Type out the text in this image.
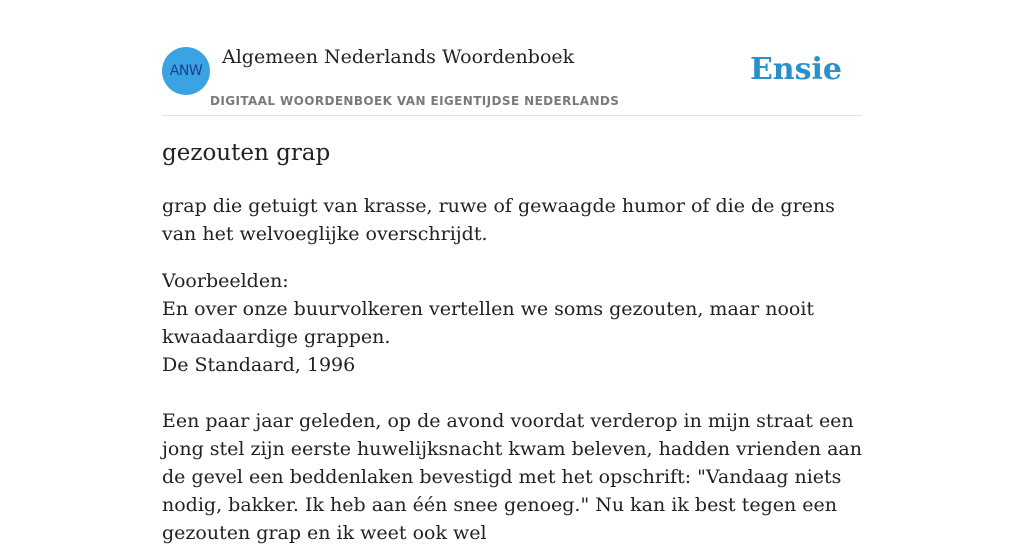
ANW
Algemeen Nederlands Woordenboek
DIGITAAL WOORDENBOEK VAN EIGENTIJDSE NEDERLANDS
Ensie
gezouten grap

grap die getuigt van krasse, ruwe of gewaagde humor of die de grens van het welvoeglijke overschrijdt.

Voorbeelden:
En over onze buurvolkeren vertellen we soms gezouten, maar nooit kwaadaardige grappen.
De Standaard, 1996

Een paar jaar geleden, op de avond voordat verderop in mijn straat een jong stel zijn eerste huwelijksnacht kwam beleven, hadden vrienden aan de gevel een beddenlaken bevestigd met het opschrift: "Vandaag niets nodig, bakker. Ik heb aan één snee genoeg." Nu kan ik best tegen een gezouten grap en ik weet ook wel
